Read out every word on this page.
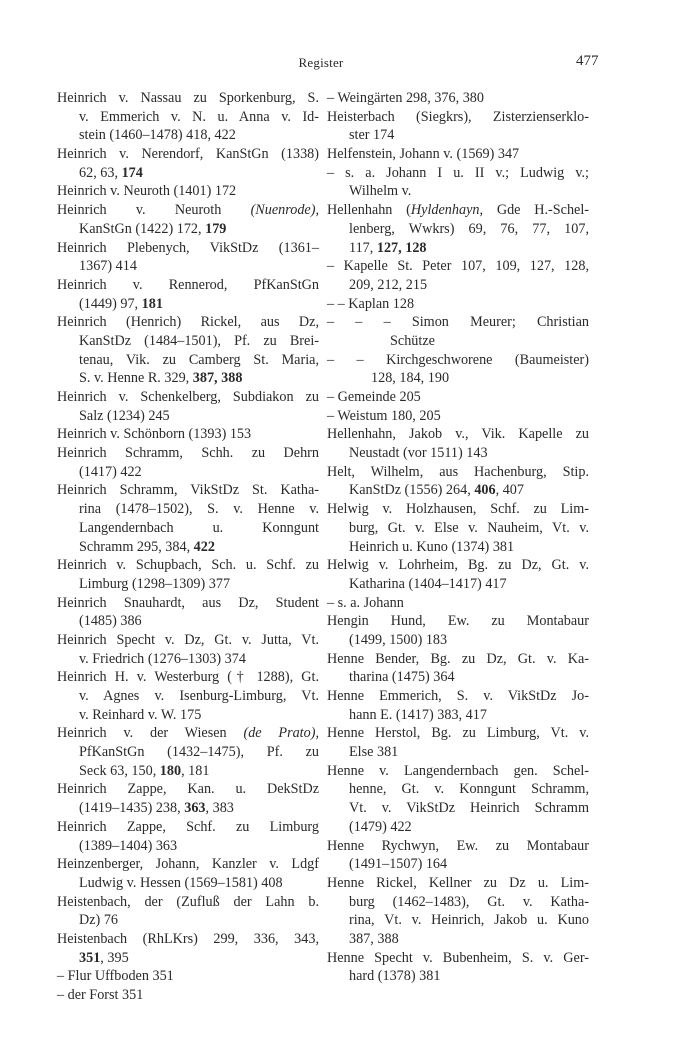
Register	477
Heinrich v. Nassau zu Sporkenburg, S.
v. Emmerich v. N. u. Anna v. Id-
stein (1460–1478) 418, 422
Heinrich v. Nerendorf, KanStGn (1338)
62, 63, 174
Heinrich v. Neuroth (1401) 172
Heinrich v. Neuroth (Nuenrode),
KanStGn (1422) 172, 179
Heinrich Plebenych, VikStDz (1361–
1367) 414
Heinrich v. Rennerod, PfKanStGn
(1449) 97, 181
Heinrich (Henrich) Rickel, aus Dz,
KanStDz (1484–1501), Pf. zu Brei-
tenau, Vik. zu Camberg St. Maria,
S. v. Henne R. 329, 387, 388
Heinrich v. Schenkelberg, Subdiakon zu
Salz (1234) 245
Heinrich v. Schönborn (1393) 153
Heinrich Schramm, Schh. zu Dehrn
(1417) 422
Heinrich Schramm, VikStDz St. Katha-
rina (1478–1502), S. v. Henne v.
Langendernbach u. Konngunt
Schramm 295, 384, 422
Heinrich v. Schupbach, Sch. u. Schf. zu
Limburg (1298–1309) 377
Heinrich Snauhardt, aus Dz, Student
(1485) 386
Heinrich Specht v. Dz, Gt. v. Jutta, Vt.
v. Friedrich (1276–1303) 374
Heinrich H. v. Westerburg († 1288), Gt.
v. Agnes v. Isenburg-Limburg, Vt.
v. Reinhard v. W. 175
Heinrich v. der Wiesen (de Prato),
PfKanStGn (1432–1475), Pf. zu
Seck 63, 150, 180, 181
Heinrich Zappe, Kan. u. DekStDz
(1419–1435) 238, 363, 383
Heinrich Zappe, Schf. zu Limburg
(1389–1404) 363
Heinzenberger, Johann, Kanzler v. Ldgf
Ludwig v. Hessen (1569–1581) 408
Heistenbach, der (Zufluß der Lahn b.
Dz) 76
Heistenbach (RhLKrs) 299, 336, 343,
351, 395
– Flur Uffboden 351
– der Forst 351
– Weingärten 298, 376, 380
Heisterbach (Siegkrs), Zisterzienserklo-
ster 174
Helfenstein, Johann v. (1569) 347
– s. a. Johann I u. II v.; Ludwig v.;
Wilhelm v.
Hellenhahn (Hyldenhayn, Gde H.-Schel-
lenberg, Wwkrs) 69, 76, 77, 107,
117, 127, 128
– Kapelle St. Peter 107, 109, 127, 128,
209, 212, 215
– – Kaplan 128
– – – Simon Meurer; Christian
Schütze
– – Kirchgeschworene (Baumeister)
128, 184, 190
– Gemeinde 205
– Weistum 180, 205
Hellenhahn, Jakob v., Vik. Kapelle zu
Neustadt (vor 1511) 143
Helt, Wilhelm, aus Hachenburg, Stip.
KanStDz (1556) 264, 406, 407
Helwig v. Holzhausen, Schf. zu Lim-
burg, Gt. v. Else v. Nauheim, Vt. v.
Heinrich u. Kuno (1374) 381
Helwig v. Lohrheim, Bg. zu Dz, Gt. v.
Katharina (1404–1417) 417
– s. a. Johann
Hengin Hund, Ew. zu Montabaur
(1499, 1500) 183
Henne Bender, Bg. zu Dz, Gt. v. Ka-
tharina (1475) 364
Henne Emmerich, S. v. VikStDz Jo-
hann E. (1417) 383, 417
Henne Herstol, Bg. zu Limburg, Vt. v.
Else 381
Henne v. Langendernbach gen. Schel-
henne, Gt. v. Konngunt Schramm,
Vt. v. VikStDz Heinrich Schramm
(1479) 422
Henne Rychwyn, Ew. zu Montabaur
(1491–1507) 164
Henne Rickel, Kellner zu Dz u. Lim-
burg (1462–1483), Gt. v. Katha-
rina, Vt. v. Heinrich, Jakob u. Kuno
387, 388
Henne Specht v. Bubenheim, S. v. Ger-
hard (1378) 381
